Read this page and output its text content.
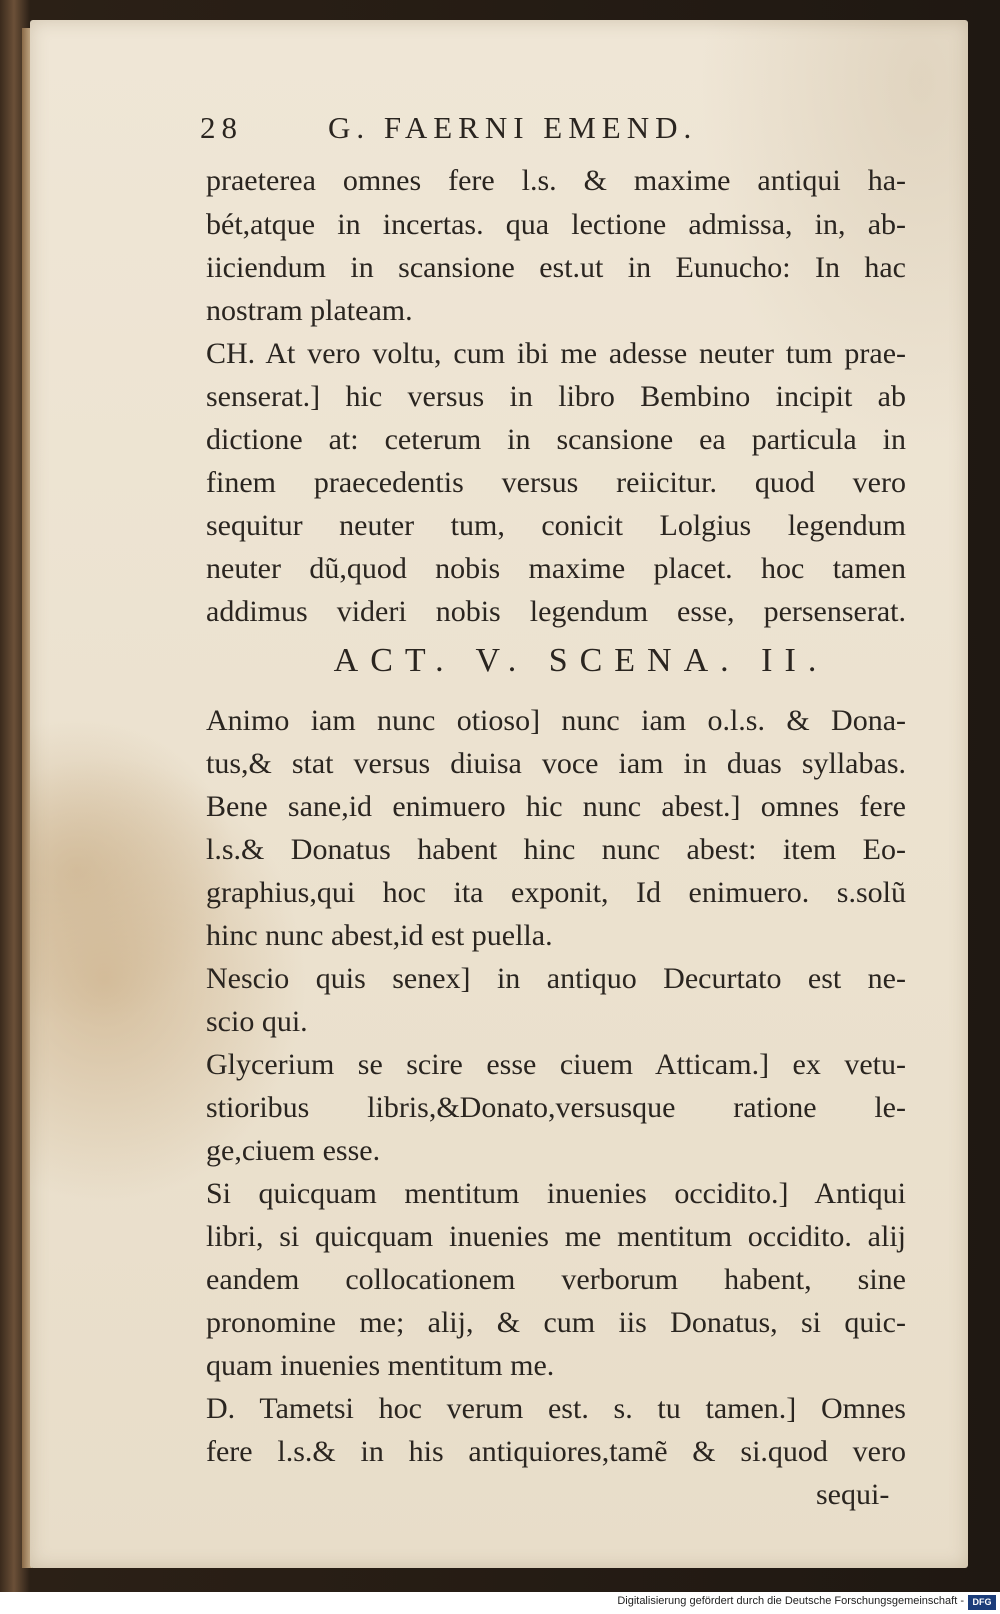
28	G. FAERNI EMEND.
praeterea omnes fere l.s. & maxime antiqui ha-
bét,atque in incertas. qua lectione admissa, in, ab-
iiciendum in scansione est.ut in Eunucho: In hac
nostram plateam.
CH. At vero voltu, cum ibi me adesse neuter tum prae-
senserat.] hic versus in libro Bembino incipit ab
dictione at: ceterum in scansione ea particula in
finem praecedentis versus reiicitur. quod vero
sequitur neuter tum, conicit Lolgius legendum
neuter dũ,quod nobis maxime placet. hoc tamen
addimus videri nobis legendum esse, persenserat.
ACT. V. SCENA. II.
Animo iam nunc otioso] nunc iam o.l.s. & Dona-
tus,& stat versus diuisa voce iam in duas syllabas.
Bene sane,id enimuero hic nunc abest.] omnes fere
l.s.& Donatus habent hinc nunc abest: item Eo-
graphius,qui hoc ita exponit, Id enimuero. s.solũ
hinc nunc abest,id est puella.
Nescio quis senex] in antiquo Decurtato est ne-
scio qui.
Glycerium se scire esse ciuem Atticam.] ex vetu-
stioribus libris,&Donato,versusque ratione le-
ge,ciuem esse.
Si quicquam mentitum inuenies occidito.] Antiqui
libri, si quicquam inuenies me mentitum occidito. alij
eandem collocationem verborum habent, sine
pronomine me; alij, & cum iis Donatus, si quic-
quam inuenies mentitum me.
D. Tametsi hoc verum est. s. tu tamen.] Omnes
fere l.s.& in his antiquiores,tamẽ & si.quod vero
sequi-
Digitalisierung gefördert durch die Deutsche Forschungsgemeinschaft - DFG
